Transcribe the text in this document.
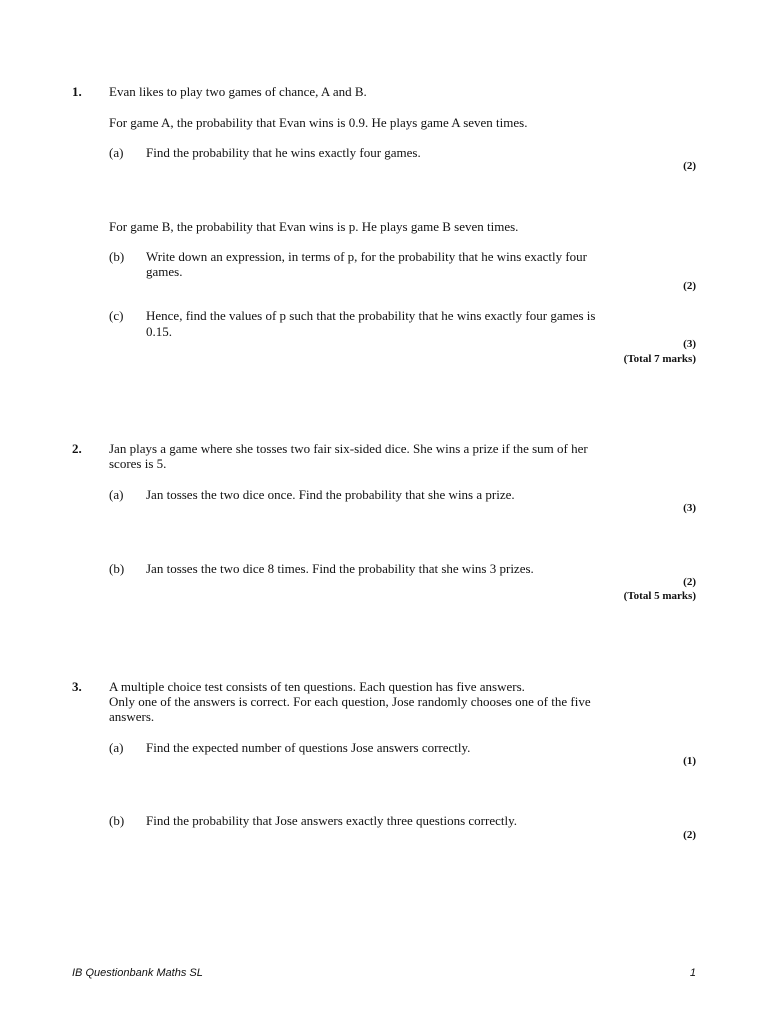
1. Evan likes to play two games of chance, A and B.
For game A, the probability that Evan wins is 0.9. He plays game A seven times.
(a) Find the probability that he wins exactly four games.
(2)
For game B, the probability that Evan wins is p. He plays game B seven times.
(b) Write down an expression, in terms of p, for the probability that he wins exactly four
games.
(2)
(c) Hence, find the values of p such that the probability that he wins exactly four games is
0.15.
(3)
(Total 7 marks)
2. Jan plays a game where she tosses two fair six-sided dice. She wins a prize if the sum of her
scores is 5.
(a) Jan tosses the two dice once. Find the probability that she wins a prize.
(3)
(b) Jan tosses the two dice 8 times. Find the probability that she wins 3 prizes.
(2)
(Total 5 marks)
3. A multiple choice test consists of ten questions. Each question has five answers.
Only one of the answers is correct. For each question, Jose randomly chooses one of the five
answers.
(a) Find the expected number of questions Jose answers correctly.
(1)
(b) Find the probability that Jose answers exactly three questions correctly.
(2)
IB Questionbank Maths SL	1
